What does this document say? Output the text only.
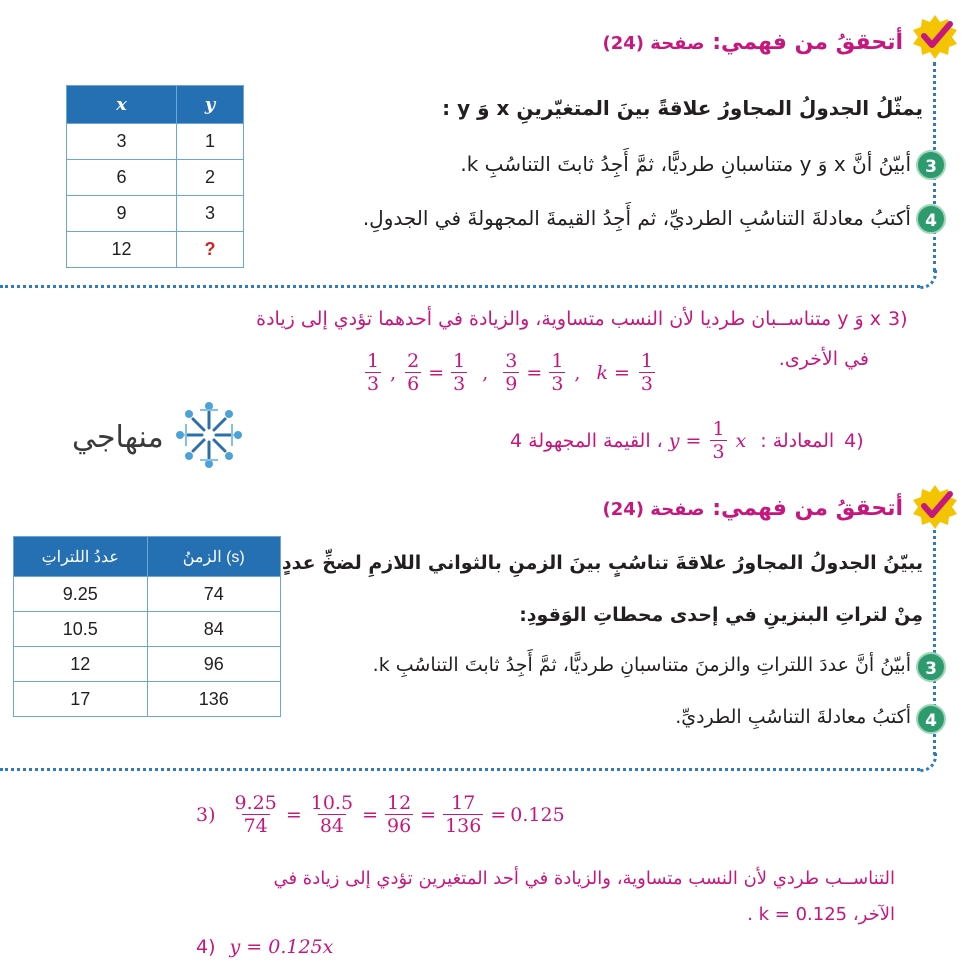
أتحققُ من فهمي: صفحة (24)
x	y
3	1
6	2
9	3
12	?
يمثّلُ الجدولُ المجاورُ علاقةً بينَ المتغيّرينِ x وَ y :
3
أبيّنُ أنَّ x وَ y متناسبانِ طرديًّا، ثمَّ أَجِدُ ثابتَ التناسُبِ k.
4
أكتبُ معادلةَ التناسُبِ الطرديِّ، ثم أَجِدُ القيمةَ المجهولةَ في الجدولِ.
3)
x وَ y متناســبان طرديا لأن النسب متساوية، والزيادة في أحدهما تؤدي إلى زيادة
في الأخرى.
$\frac{1}{3}$ , $\frac{2}{6} = \frac{1}{3}$ , $\frac{3}{9} = \frac{1}{3}$ , $k = \frac{1}{3}$
، القيمة المجهولة 4 $y = \frac{1}{3}$ x المعادلة : 4)
منهاجي
أتحققُ من فهمي: صفحة (24)
عددُ اللتراتِ	الزمنُ (s)
9.25	74
10.5	84
12	96
17	136
يبيّنُ الجدولُ المجاورُ علاقةَ تناسُبٍ بينَ الزمنِ بالثواني اللازمِ لضخِّ عددٍ
مِنْ لتراتِ البنزينِ في إحدى محطاتِ الوَقودِ:
3
أبيّنُ أنَّ عددَ اللتراتِ والزمنَ متناسبانِ طرديًّا، ثمَّ أَجِدُ ثابتَ التناسُبِ k.
4
أكتبُ معادلةَ التناسُبِ الطرديِّ.
$3) \frac{9.25}{74} = \frac{10.5}{84} = \frac{12}{96} = \frac{17}{136} = 0.125$
التناســب طردي لأن النسب متساوية، والزيادة في أحد المتغيرين تؤدي إلى زيادة في
الآخر، k = 0.125 .
4) y = 0.125x
